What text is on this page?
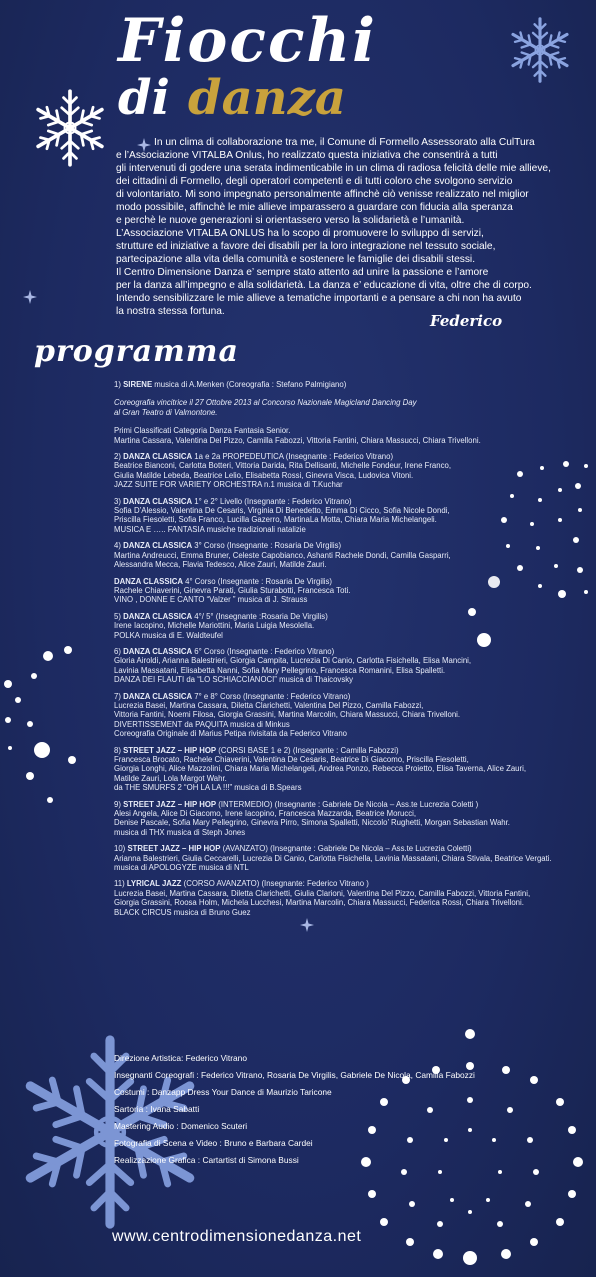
Fiocchi
di danza

In un clima di collaborazione tra me, il Comune di Formello Assessorato alla CulTura

e l’Associazione VITALBA Onlus, ho realizzato questa iniziativa che consentirà a tutti

gli intervenuti di godere una serata indimenticabile in un clima di radiosa felicità delle mie allieve,

dei cittadini di Formello, degli operatori competenti e di tutti coloro che svolgono servizio

di volontariato. Mi sono impegnato personalmente affinchè ciò venisse realizzato nel miglior

modo possibile, affinchè le mie allieve imparassero a guardare con fiducia alla speranza

e perchè le nuove generazioni si orientassero verso la solidarietà e l’umanità.

L’Associazione VITALBA ONLUS ha lo scopo di promuovere lo sviluppo di servizi,

strutture ed iniziative a favore dei disabili per la loro integrazione nel tessuto sociale,

partecipazione alla vita della comunità e sostenere le famiglie dei disabili stessi.

Il Centro Dimensione Danza e’ sempre stato attento ad unire la passione e l’amore

per la danza all’impegno e alla solidarietà. La danza e’ educazione di vita, oltre che di corpo.

Intendo sensibilizzare le mie allieve a tematiche importanti e a pensare a chi non ha avuto

la nostra stessa fortuna.

Federico
programma
1) SIRENE musica di A.Menken (Coreografia : Stefano Palmigiano)
Coreografia vincitrice il 27 Ottobre 2013 al Concorso Nazionale Magicland Dancing Day
al Gran Teatro di Valmontone.
Primi Classificati Categoria Danza Fantasia Senior.
Martina Cassara, Valentina Del Pizzo, Camilla Fabozzi, Vittoria Fantini, Chiara Massucci, Chiara Trivelloni.
2) DANZA CLASSICA 1a e 2a PROPEDEUTICA (Insegnante : Federico Vitrano)
Beatrice Bianconi, Carlotta Botteri, Vittoria Darida, Rita Dellisanti, Michelle Fondeur, Irene Franco,
Giulia Matilde Lebeda, Beatrice Lelio, Elisabetta Rossi, Ginevra Visca, Ludovica Vitoni.
JAZZ SUITE FOR VARIETY ORCHESTRA n.1 musica di T.Kuchar
3) DANZA CLASSICA 1° e 2° Livello (Insegnante : Federico Vitrano)
Sofia D’Alessio, Valentina De Cesaris, Virginia Di Benedetto, Emma Di Cicco, Sofia Nicole Dondi,
Priscilla Fiesoletti, Sofia Franco, Lucilla Gazerro, MartinaLa Motta, Chiara Maria Michelangeli.
MUSICA E ….. FANTASIA musiche tradizionali natalizie
4) DANZA CLASSICA 3° Corso (Insegnante : Rosaria De Virgilis)
Martina Andreucci, Emma Bruner, Celeste Capobianco, Ashanti Rachele Dondi, Camilla Gasparri,
Alessandra Mecca, Flavia Tedesco, Alice Zauri, Matilde Zauri.
DANZA CLASSICA 4° Corso (Insegnante : Rosaria De Virgilis)
Rachele Chiaverini, Ginevra Parati, Giulia Sturabotti, Francesca Toti.
VINO , DONNE E CANTO “Valzer ” musica di J. Strauss
5) DANZA CLASSICA 4°/ 5° (Insegnante :Rosaria De Virgilis)
Irene Iacopino, Michelle Mariottini, Maria Luigia Mesolella.
POLKA musica di E. Waldteufel
6) DANZA CLASSICA 6° Corso (Insegnante : Federico Vitrano)
Gloria Airoldi, Arianna Balestrieri, Giorgia Campita, Lucrezia Di Canio, Carlotta Fisichella, Elisa Mancini,
Lavinia Massatani, Elisabetta Nanni, Sofia Mary Pellegrino, Francesca Romanini, Elisa Spalletti.
DANZA DEI FLAUTI da “LO SCHIACCIANOCI” musica di Thaicovsky
7) DANZA CLASSICA 7° e 8° Corso (Insegnante : Federico Vitrano)
Lucrezia Basei, Martina Cassara, Diletta Clarichetti, Valentina Del Pizzo, Camilla Fabozzi,
Vittoria Fantini, Noemi Filosa, Giorgia Grassini, Martina Marcolin, Chiara Massucci, Chiara Trivelloni.
DIVERTISSEMENT da PAQUITA musica di Minkus
Coreografia Originale di Marius Petipa rivisitata da Federico Vitrano
8) STREET JAZZ – HIP HOP (CORSI BASE 1 e 2) (Insegnante : Camilla Fabozzi)
Francesca Brocato, Rachele Chiaverini, Valentina De Cesaris, Beatrice Di Giacomo, Priscilla Fiesoletti,
Giorgia Longhi, Alice Mazzolini, Chiara Maria Michelangeli, Andrea Ponzo, Rebecca Proietto, Elisa Taverna, Alice Zauri,
Matilde Zauri, Lola Margot Wahr.
da THE SMURFS 2 “OH LA LA !!!” musica di B.Spears
9) STREET JAZZ – HIP HOP (INTERMEDIO) (Insegnante : Gabriele De Nicola – Ass.te Lucrezia Coletti )
Alesi Angela, Alice Di Giacomo, Irene Iacopino, Francesca Mazzarda, Beatrice Morucci,
Denise Pascale, Sofia Mary Pellegrino, Ginevra Pirro, Simona Spalletti, Niccolo’ Rughetti, Morgan Sebastian Wahr.
musica di THX musica di Steph Jones
10) STREET JAZZ – HIP HOP (AVANZATO) (Insegnante : Gabriele De Nicola – Ass.te Lucrezia Coletti)
Arianna Balestrieri, Giulia Ceccarelli, Lucrezia Di Canio, Carlotta Fisichella, Lavinia Massatani, Chiara Stivala, Beatrice Vergati.
musica di APOLOGYZE musica di NTL
11) LYRICAL JAZZ (CORSO AVANZATO) (Insegnante: Federico Vitrano )
Lucrezia Basei, Martina Cassara, Diletta Clarichetti, Giulia Clarioni, Valentina Del Pizzo, Camilla Fabozzi, Vittoria Fantini,
Giorgia Grassini, Roosa Holm, Michela Lucchesi, Martina Marcolin, Chiara Massucci, Federica Rossi, Chiara Trivelloni.
BLACK CIRCUS musica di Bruno Guez
Direzione Artistica: Federico Vitrano
Insegnanti Coreografi : Federico Vitrano, Rosaria De Virgilis, Gabriele De Nicola, Camilla Fabozzi
Costumi : Danzapp Dress Your Dance di Maurizio Taricone
Sartoria : Ivana Sabatti
Mastering Audio : Domenico Scuteri
Fotografia di Scena e Video : Bruno e Barbara Cardei
Realizzazione Grafica : Cartartist di Simona Bussi
www.centrodimensionedanza.net
